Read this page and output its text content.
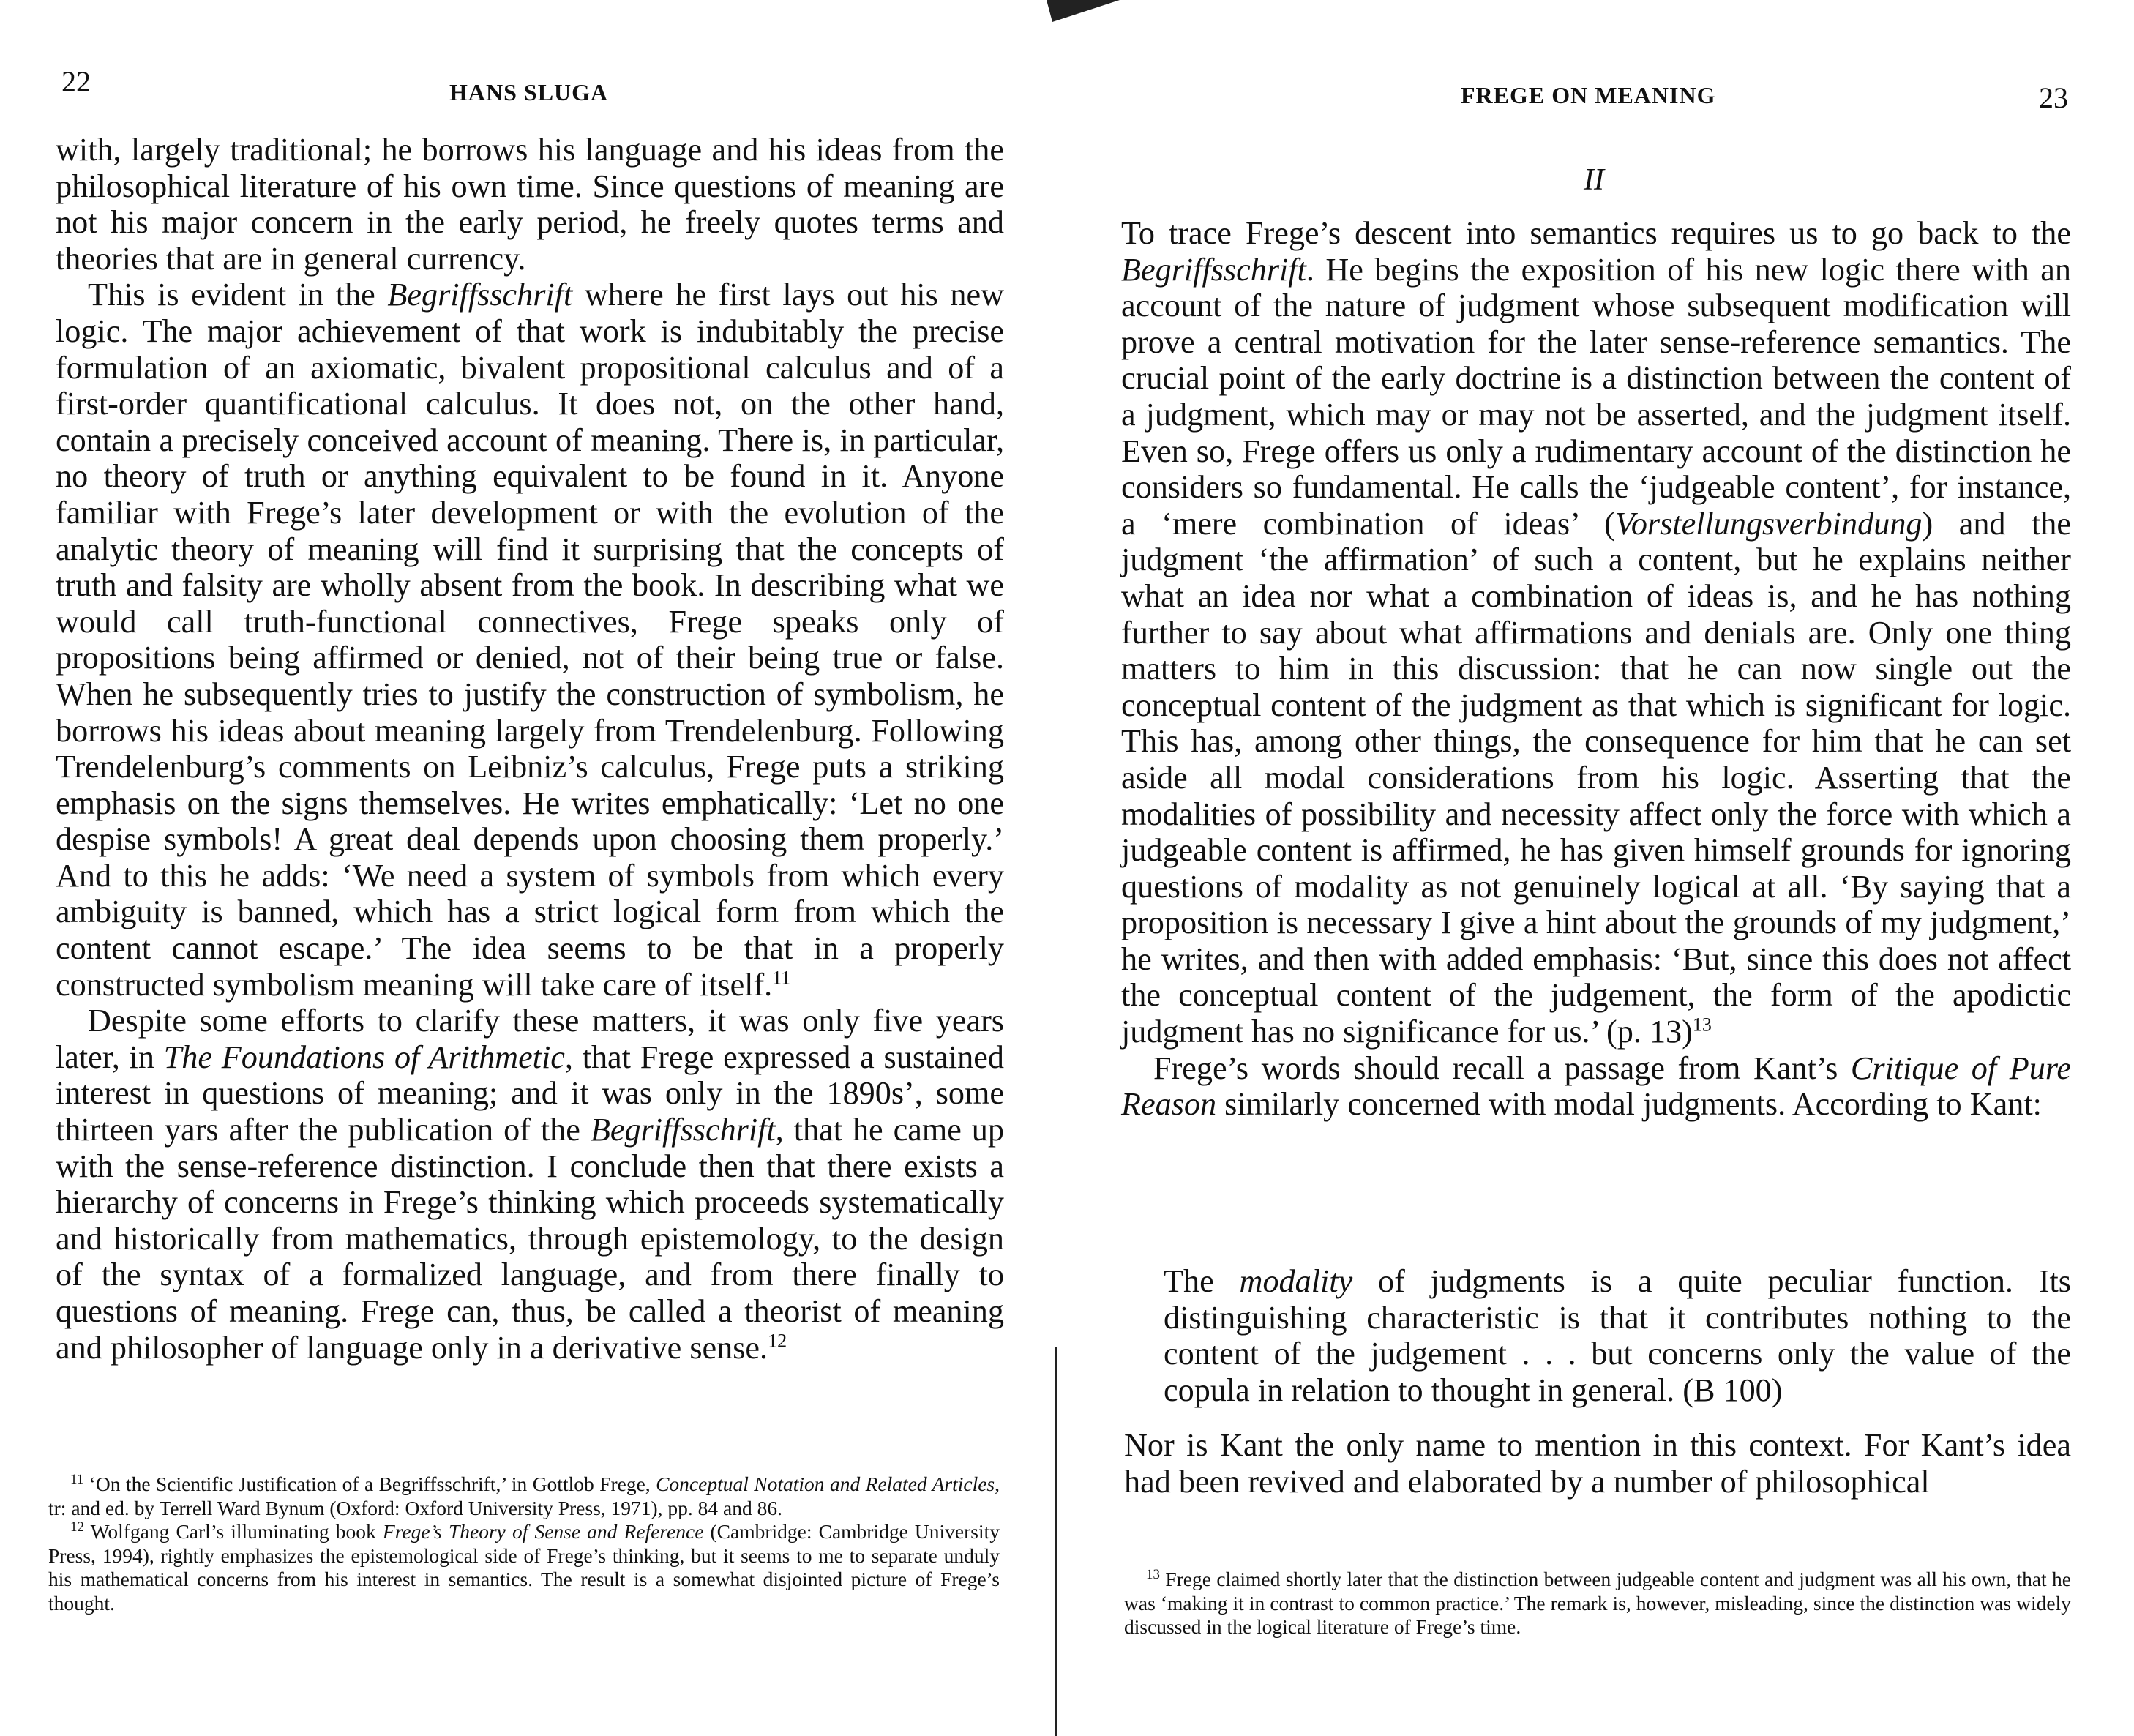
22	HANS SLUGA

with, largely traditional; he borrows his language and his ideas from the philosophical literature of his own time. Since questions of meaning are not his major concern in the early period, he freely quotes terms and theories that are in general currency.

This is evident in the Begriffsschrift where he first lays out his new logic. The major achievement of that work is indubitably the precise formulation of an axiomatic, bivalent propositional calculus and of a first-order quantificational calculus. It does not, on the other hand, contain a precisely conceived account of meaning. There is, in particular, no theory of truth or anything equivalent to be found in it. Anyone familiar with Frege’s later development or with the evolution of the analytic theory of meaning will find it surprising that the concepts of truth and falsity are wholly absent from the book. In describing what we would call truth-functional connectives, Frege speaks only of propositions being affirmed or denied, not of their being true or false. When he subsequently tries to justify the construction of symbolism, he borrows his ideas about meaning largely from Trendelenburg. Following Trendelenburg’s comments on Leibniz’s calculus, Frege puts a striking emphasis on the signs themselves. He writes emphatically: ‘Let no one despise symbols! A great deal depends upon choosing them properly.’ And to this he adds: ‘We need a system of symbols from which every ambiguity is banned, which has a strict logical form from which the content cannot escape.’ The idea seems to be that in a properly constructed symbolism meaning will take care of itself.$^{11}$

Despite some efforts to clarify these matters, it was only five years later, in The Foundations of Arithmetic, that Frege expressed a sustained interest in questions of meaning; and it was only in the 1890s’, some thirteen yars after the publication of the Begriffsschrift, that he came up with the sense-reference distinction. I conclude then that there exists a hierarchy of concerns in Frege’s thinking which proceeds systematically and historically from mathematics, through epistemology, to the design of the syntax of a formalized language, and from there finally to questions of meaning. Frege can, thus, be called a theorist of meaning and philosopher of language only in a derivative sense.$^{12}$

$^{11}$ ‘On the Scientific Justification of a Begriffsschrift,’ in Gottlob Frege, Conceptual Notation and Related Articles, tr: and ed. by Terrell Ward Bynum (Oxford: Oxford University Press, 1971), pp. 84 and 86.

$^{12}$ Wolfgang Carl’s illuminating book Frege’s Theory of Sense and Reference (Cambridge: Cambridge University Press, 1994), rightly emphasizes the epistemological side of Frege’s thinking, but it seems to me to separate unduly his mathematical concerns from his interest in semantics. The result is a somewhat disjointed picture of Frege’s thought.

FREGE ON MEANING	23
II

To trace Frege’s descent into semantics requires us to go back to the Begriffsschrift. He begins the exposition of his new logic there with an account of the nature of judgment whose subsequent modification will prove a central motivation for the later sense-reference semantics. The crucial point of the early doctrine is a distinction between the content of a judgment, which may or may not be asserted, and the judgment itself. Even so, Frege offers us only a rudimentary account of the distinction he considers so fundamental. He calls the ‘judgeable content’, for instance, a ‘mere combination of ideas’ (Vorstellungsverbindung) and the judgment ‘the affirmation’ of such a content, but he explains neither what an idea nor what a combination of ideas is, and he has nothing further to say about what affirmations and denials are. Only one thing matters to him in this discussion: that he can now single out the conceptual content of the judgment as that which is significant for logic. This has, among other things, the consequence for him that he can set aside all modal considerations from his logic. Asserting that the modalities of possibility and necessity affect only the force with which a judgeable content is affirmed, he has given himself grounds for ignoring questions of modality as not genuinely logical at all. ‘By saying that a proposition is necessary I give a hint about the grounds of my judgment,’ he writes, and then with added emphasis: ‘But, since this does not affect the conceptual content of the judgement, the form of the apodictic judgment has no significance for us.’ (p. 13)$^{13}$

Frege’s words should recall a passage from Kant’s Critique of Pure Reason similarly concerned with modal judgments. According to Kant:

The modality of judgments is a quite peculiar function. Its distinguishing characteristic is that it contributes nothing to the content of the judgement . . . but concerns only the value of the copula in relation to thought in general. (B 100)

Nor is Kant the only name to mention in this context. For Kant’s idea had been revived and elaborated by a number of philosophical

$^{13}$ Frege claimed shortly later that the distinction between judgeable content and judgment was all his own, that he was ‘making it in contrast to common practice.’ The remark is, however, misleading, since the distinction was widely discussed in the logical literature of Frege’s time.
